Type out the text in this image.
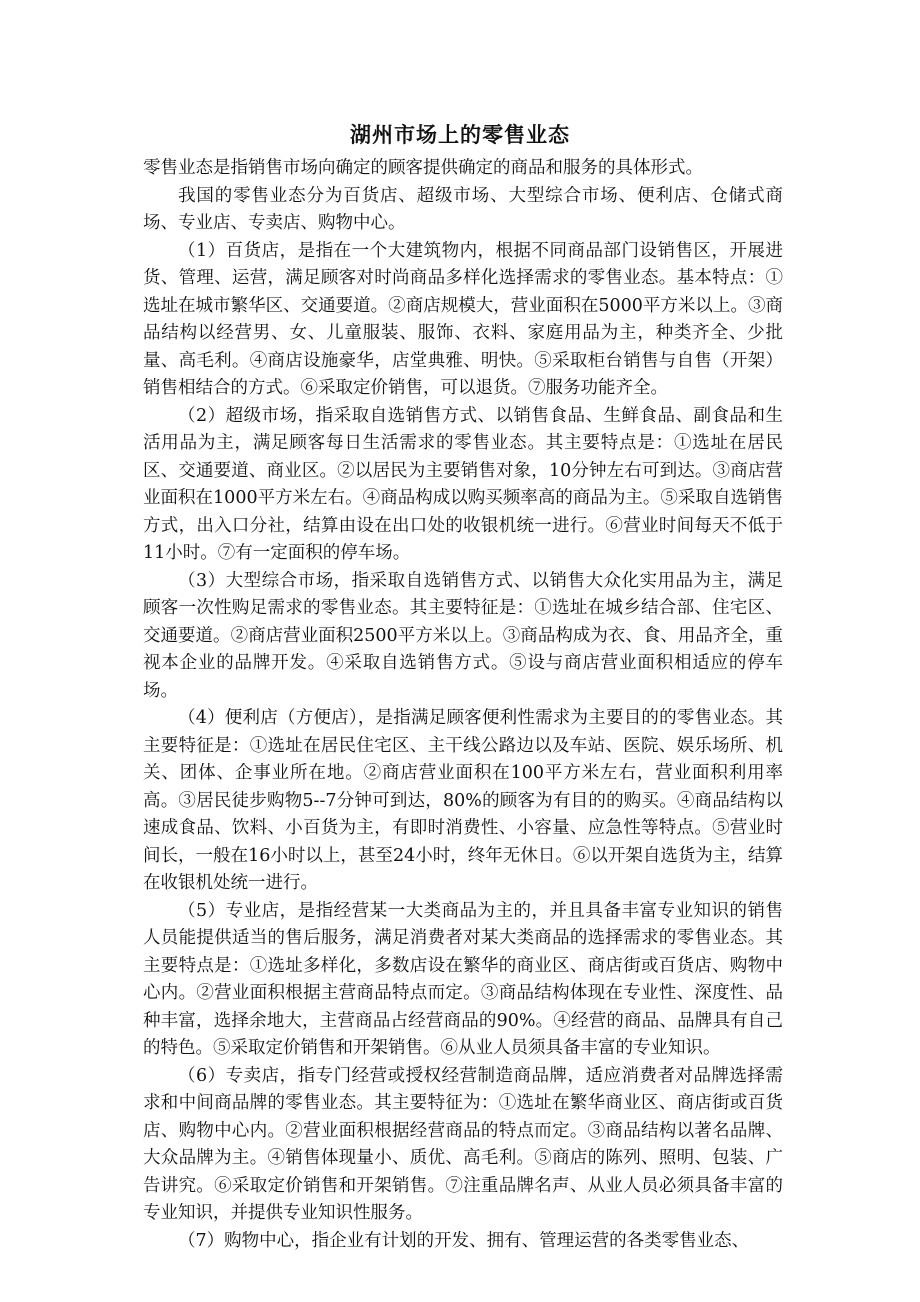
湖州市场上的零售业态

零售业态是指销售市场向确定的顾客提供确定的商品和服务的具体形式。

我国的零售业态分为百货店、超级市场、大型综合市场、便利店、仓储式商场、专业店、专卖店、购物中心。

（1）百货店，是指在一个大建筑物内，根据不同商品部门设销售区，开展进货、管理、运营，满足顾客对时尚商品多样化选择需求的零售业态。基本特点：①选址在城市繁华区、交通要道。②商店规模大，营业面积在5000平方米以上。③商品结构以经营男、女、儿童服装、服饰、衣料、家庭用品为主，种类齐全、少批量、高毛利。④商店设施豪华，店堂典雅、明快。⑤采取柜台销售与自售（开架）销售相结合的方式。⑥采取定价销售，可以退货。⑦服务功能齐全。

（2）超级市场，指采取自选销售方式、以销售食品、生鲜食品、副食品和生活用品为主，满足顾客每日生活需求的零售业态。其主要特点是：①选址在居民区、交通要道、商业区。②以居民为主要销售对象，10分钟左右可到达。③商店营业面积在1000平方米左右。④商品构成以购买频率高的商品为主。⑤采取自选销售方式，出入口分社，结算由设在出口处的收银机统一进行。⑥营业时间每天不低于11小时。⑦有一定面积的停车场。

（3）大型综合市场，指采取自选销售方式、以销售大众化实用品为主，满足顾客一次性购足需求的零售业态。其主要特征是：①选址在城乡结合部、住宅区、交通要道。②商店营业面积2500平方米以上。③商品构成为衣、食、用品齐全，重视本企业的品牌开发。④采取自选销售方式。⑤设与商店营业面积相适应的停车场。

（4）便利店（方便店），是指满足顾客便利性需求为主要目的的零售业态。其主要特征是：①选址在居民住宅区、主干线公路边以及车站、医院、娱乐场所、机关、团体、企事业所在地。②商店营业面积在100平方米左右，营业面积利用率高。③居民徒步购物5--7分钟可到达，80%的顾客为有目的的购买。④商品结构以速成食品、饮料、小百货为主，有即时消费性、小容量、应急性等特点。⑤营业时间长，一般在16小时以上，甚至24小时，终年无休日。⑥以开架自选货为主，结算在收银机处统一进行。

（5）专业店，是指经营某一大类商品为主的，并且具备丰富专业知识的销售人员能提供适当的售后服务，满足消费者对某大类商品的选择需求的零售业态。其主要特点是：①选址多样化，多数店设在繁华的商业区、商店街或百货店、购物中心内。②营业面积根据主营商品特点而定。③商品结构体现在专业性、深度性、品种丰富，选择余地大，主营商品占经营商品的90%。④经营的商品、品牌具有自己的特色。⑤采取定价销售和开架销售。⑥从业人员须具备丰富的专业知识。

（6）专卖店，指专门经营或授权经营制造商品牌，适应消费者对品牌选择需求和中间商品牌的零售业态。其主要特征为：①选址在繁华商业区、商店街或百货店、购物中心内。②营业面积根据经营商品的特点而定。③商品结构以著名品牌、大众品牌为主。④销售体现量小、质优、高毛利。⑤商店的陈列、照明、包装、广告讲究。⑥采取定价销售和开架销售。⑦注重品牌名声、从业人员必须具备丰富的专业知识，并提供专业知识性服务。

（7）购物中心，指企业有计划的开发、拥有、管理运营的各类零售业态、
